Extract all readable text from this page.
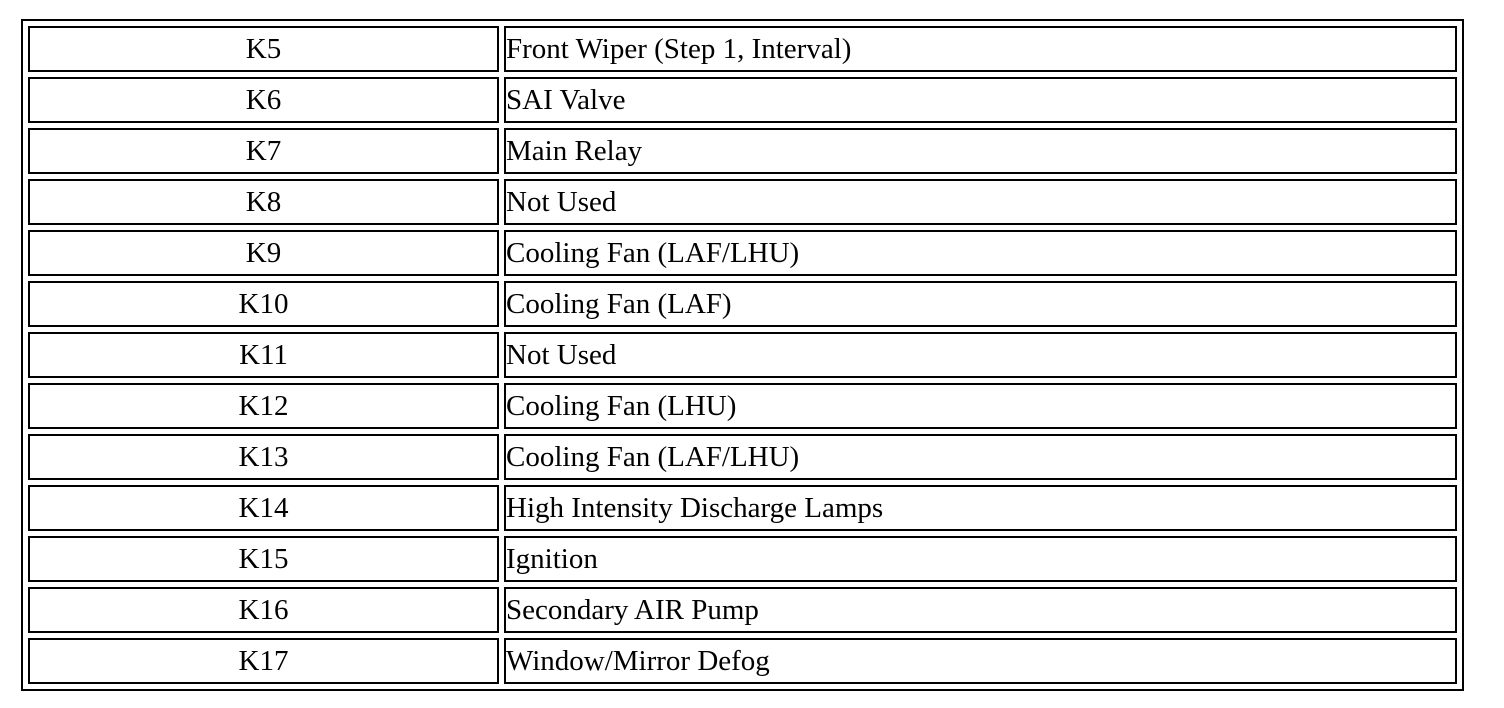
K5	Front Wiper (Step 1, Interval)
K6	SAI Valve
K7	Main Relay
K8	Not Used
K9	Cooling Fan (LAF/LHU)
K10	Cooling Fan (LAF)
K11	Not Used
K12	Cooling Fan (LHU)
K13	Cooling Fan (LAF/LHU)
K14	High Intensity Discharge Lamps
K15	Ignition
K16	Secondary AIR Pump
K17	Window/Mirror Defog
